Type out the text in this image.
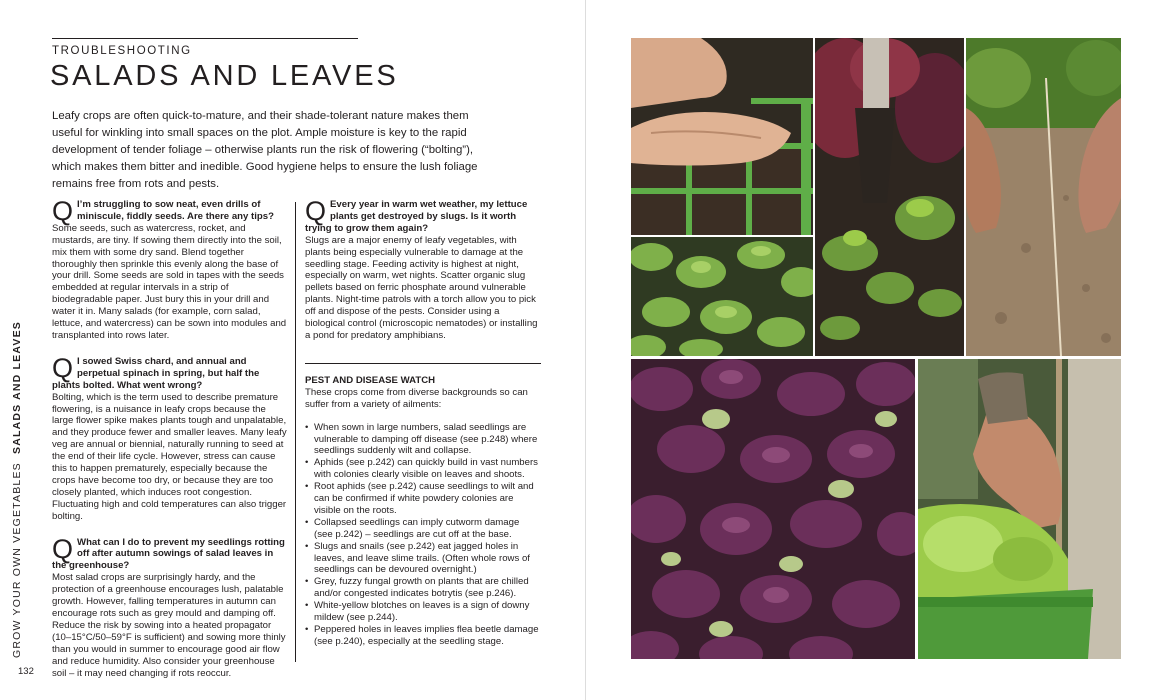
TROUBLESHOOTING
SALADS AND LEAVES

Leafy crops are often quick-to-mature, and their shade-tolerant nature makes them useful for winkling into small spaces on the plot. Ample moisture is key to the rapid development of tender foliage – otherwise plants run the risk of flowering (“bolting”), which makes them bitter and inedible. Good hygiene helps to ensure the lush foliage remains free from rots and pests.

Q I’m struggling to sow neat, even drills of miniscule, fiddly seeds. Are there any tips?
Some seeds, such as watercress, rocket, and mustards, are tiny. If sowing them directly into the soil, mix them with some dry sand. Blend together thoroughly then sprinkle this evenly along the base of your drill. Some seeds are sold in tapes with the seeds embedded at regular intervals in a strip of biodegradable paper. Just bury this in your drill and water it in. Many salads (for example, corn salad, lettuce, and watercress) can be sown into modules and transplanted into rows later.
Q I sowed Swiss chard, and annual and perpetual spinach in spring, but half the plants bolted. What went wrong?
Bolting, which is the term used to describe premature flowering, is a nuisance in leafy crops because the large flower spike makes plants tough and unpalatable, and they produce fewer and smaller leaves. Many leafy veg are annual or biennial, naturally running to seed at the end of their life cycle. However, stress can cause this to happen prematurely, especially because the crops have become too dry, or because they are too closely planted, which induces root congestion. Fluctuating high and cold temperatures can also trigger bolting.
Q What can I do to prevent my seedlings rotting off after autumn sowings of salad leaves in the greenhouse?
Most salad crops are surprisingly hardy, and the protection of a greenhouse encourages lush, palatable growth. However, falling temperatures in autumn can encourage rots such as grey mould and damping off. Reduce the risk by sowing into a heated propagator (10–15°C/50–59°F is sufficient) and sowing more thinly than you would in summer to encourage good air flow and reduce humidity. Also consider your greenhouse soil – it may need changing if rots reoccur.
Q Every year in warm wet weather, my lettuce plants get destroyed by slugs. Is it worth trying to grow them again?
Slugs are a major enemy of leafy vegetables, with plants being especially vulnerable to damage at the seedling stage. Feeding activity is highest at night, especially on warm, wet nights. Scatter organic slug pellets based on ferric phosphate around vulnerable plants. Night-time patrols with a torch allow you to pick off and dispose of the pests. Consider using a biological control (microscopic nematodes) or installing a pond for predatory amphibians.
PEST AND DISEASE WATCH
These crops come from diverse backgrounds so can suffer from a variety of ailments:
• When sown in large numbers, salad seedlings are vulnerable to damping off disease (see p.248) where seedlings suddenly wilt and collapse.
• Aphids (see p.242) can quickly build in vast numbers with colonies clearly visible on leaves and shoots.
• Root aphids (see p.242) cause seedlings to wilt and can be confirmed if white powdery colonies are visible on the roots.
• Collapsed seedlings can imply cutworm damage (see p.242) – seedlings are cut off at the base.
• Slugs and snails (see p.242) eat jagged holes in leaves, and leave slime trails. (Often whole rows of seedlings can be devoured overnight.)
• Grey, fuzzy fungal growth on plants that are chilled and/or congested indicates botrytis (see p.246).
• White-yellow blotches on leaves is a sign of downy mildew (see p.244).
• Peppered holes in leaves implies flea beetle damage (see p.240), especially at the seedling stage.
GROW YOUR OWN VEGETABLES SALADS AND LEAVES
132
